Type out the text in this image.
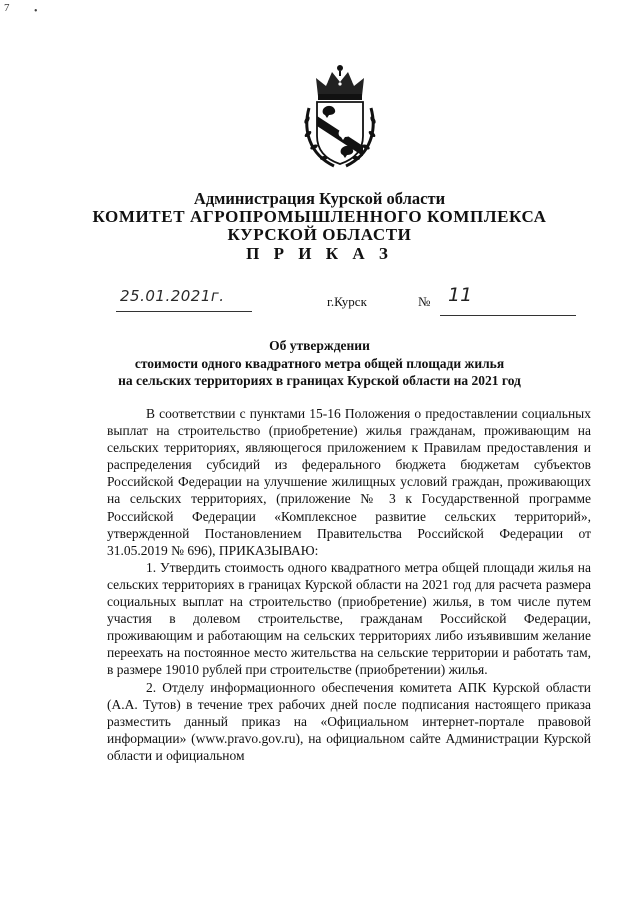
7 •
Администрация Курской области
КОМИТЕТ АГРОПРОМЫШЛЕННОГО КОМПЛЕКСА
КУРСКОЙ ОБЛАСТИ
П Р И К А З
25.01.2021г.	г.Курск	№ 11
Об утверждении
стоимости одного квадратного метра общей площади жилья
на сельских территориях в границах Курской области на 2021 год

В соответствии с пунктами 15-16 Положения о предоставлении социальных выплат на строительство (приобретение) жилья гражданам, проживающим на сельских территориях, являющегося приложением к Правилам предоставления и распределения субсидий из федерального бюджета бюджетам субъектов Российской Федерации на улучшение жилищных условий граждан, проживающих на сельских территориях, (приложение № 3 к Государственной программе Российской Федерации «Комплексное развитие сельских территорий», утвержденной Постановлением Правительства Российской Федерации от 31.05.2019 № 696), ПРИКАЗЫВАЮ:

1. Утвердить стоимость одного квадратного метра общей площади жилья на сельских территориях в границах Курской области на 2021 год для расчета размера социальных выплат на строительство (приобретение) жилья, в том числе путем участия в долевом строительстве, гражданам Российской Федерации, проживающим и работающим на сельских территориях либо изъявившим желание переехать на постоянное место жительства на сельские территории и работать там, в размере 19010 рублей при строительстве (приобретении) жилья.

2. Отделу информационного обеспечения комитета АПК Курской области (А.А. Тутов) в течение трех рабочих дней после подписания настоящего приказа разместить данный приказ на «Официальном интернет-портале правовой информации» (www.pravo.gov.ru), на официальном сайте Администрации Курской области и официальном
